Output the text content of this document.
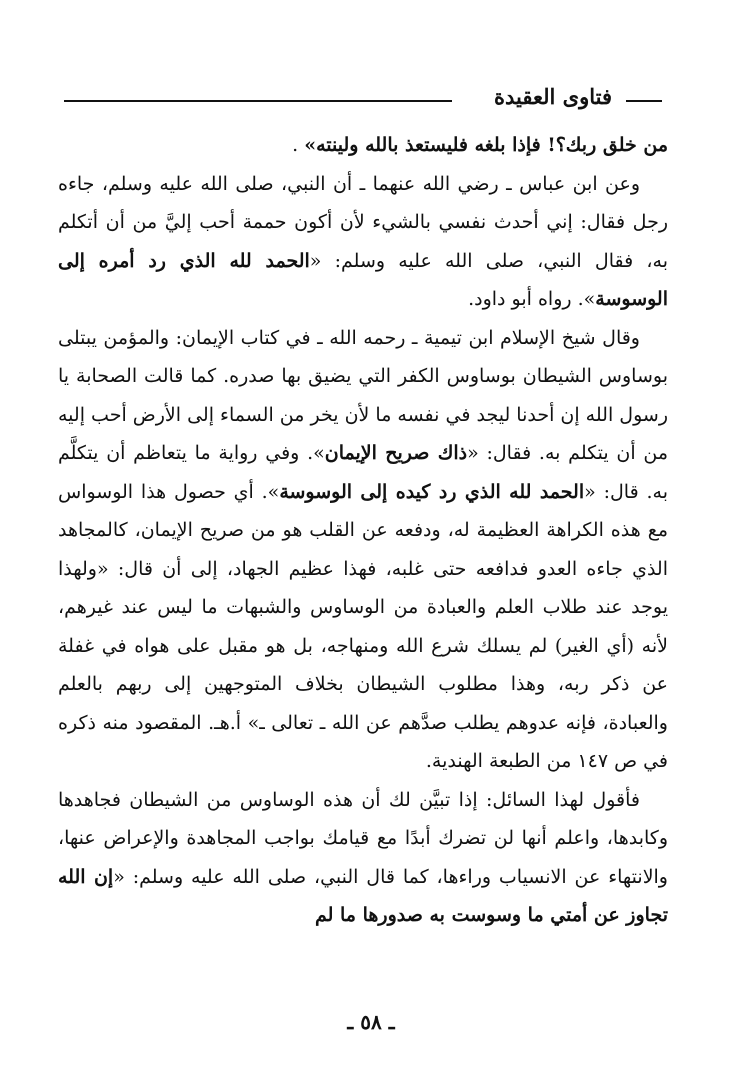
فتاوى العقيدة

من خلق ربك؟! فإذا بلغه فليستعذ بالله ولينته» .

وعن ابن عباس ـ رضي الله عنهما ـ أن النبي، صلى الله عليه وسلم، جاءه رجل فقال: إني أحدث نفسي بالشيء لأن أكون حممة أحب إليَّ من أن أتكلم به، فقال النبي، صلى الله عليه وسلم: «الحمد لله الذي رد أمره إلى الوسوسة». رواه أبو داود.

وقال شيخ الإسلام ابن تيمية ـ رحمه الله ـ في كتاب الإيمان: والمؤمن يبتلى بوساوس الشيطان بوساوس الكفر التي يضيق بها صدره. كما قالت الصحابة يا رسول الله إن أحدنا ليجد في نفسه ما لأن يخر من السماء إلى الأرض أحب إليه من أن يتكلم به. فقال: «ذاك صريح الإيمان». وفي رواية ما يتعاظم أن يتكلَّم به. قال: «الحمد لله الذي رد كيده إلى الوسوسة». أي حصول هذا الوسواس مع هذه الكراهة العظيمة له، ودفعه عن القلب هو من صريح الإيمان، كالمجاهد الذي جاءه العدو فدافعه حتى غلبه، فهذا عظيم الجهاد، إلى أن قال: «ولهذا يوجد عند طلاب العلم والعبادة من الوساوس والشبهات ما ليس عند غيرهم، لأنه (أي الغير) لم يسلك شرع الله ومنهاجه، بل هو مقبل على هواه في غفلة عن ذكر ربه، وهذا مطلوب الشيطان بخلاف المتوجهين إلى ربهم بالعلم والعبادة، فإنه عدوهم يطلب صدَّهم عن الله ـ تعالى ـ» أ.هـ. المقصود منه ذكره في ص ١٤٧ من الطبعة الهندية.

فأقول لهذا السائل: إذا تبيَّن لك أن هذه الوساوس من الشيطان فجاهدها وكابدها، واعلم أنها لن تضرك أبدًا مع قيامك بواجب المجاهدة والإعراض عنها، والانتهاء عن الانسياب وراءها، كما قال النبي، صلى الله عليه وسلم: «إن الله تجاوز عن أمتي ما وسوست به صدورها ما لم

ـ ٥٨ ـ
